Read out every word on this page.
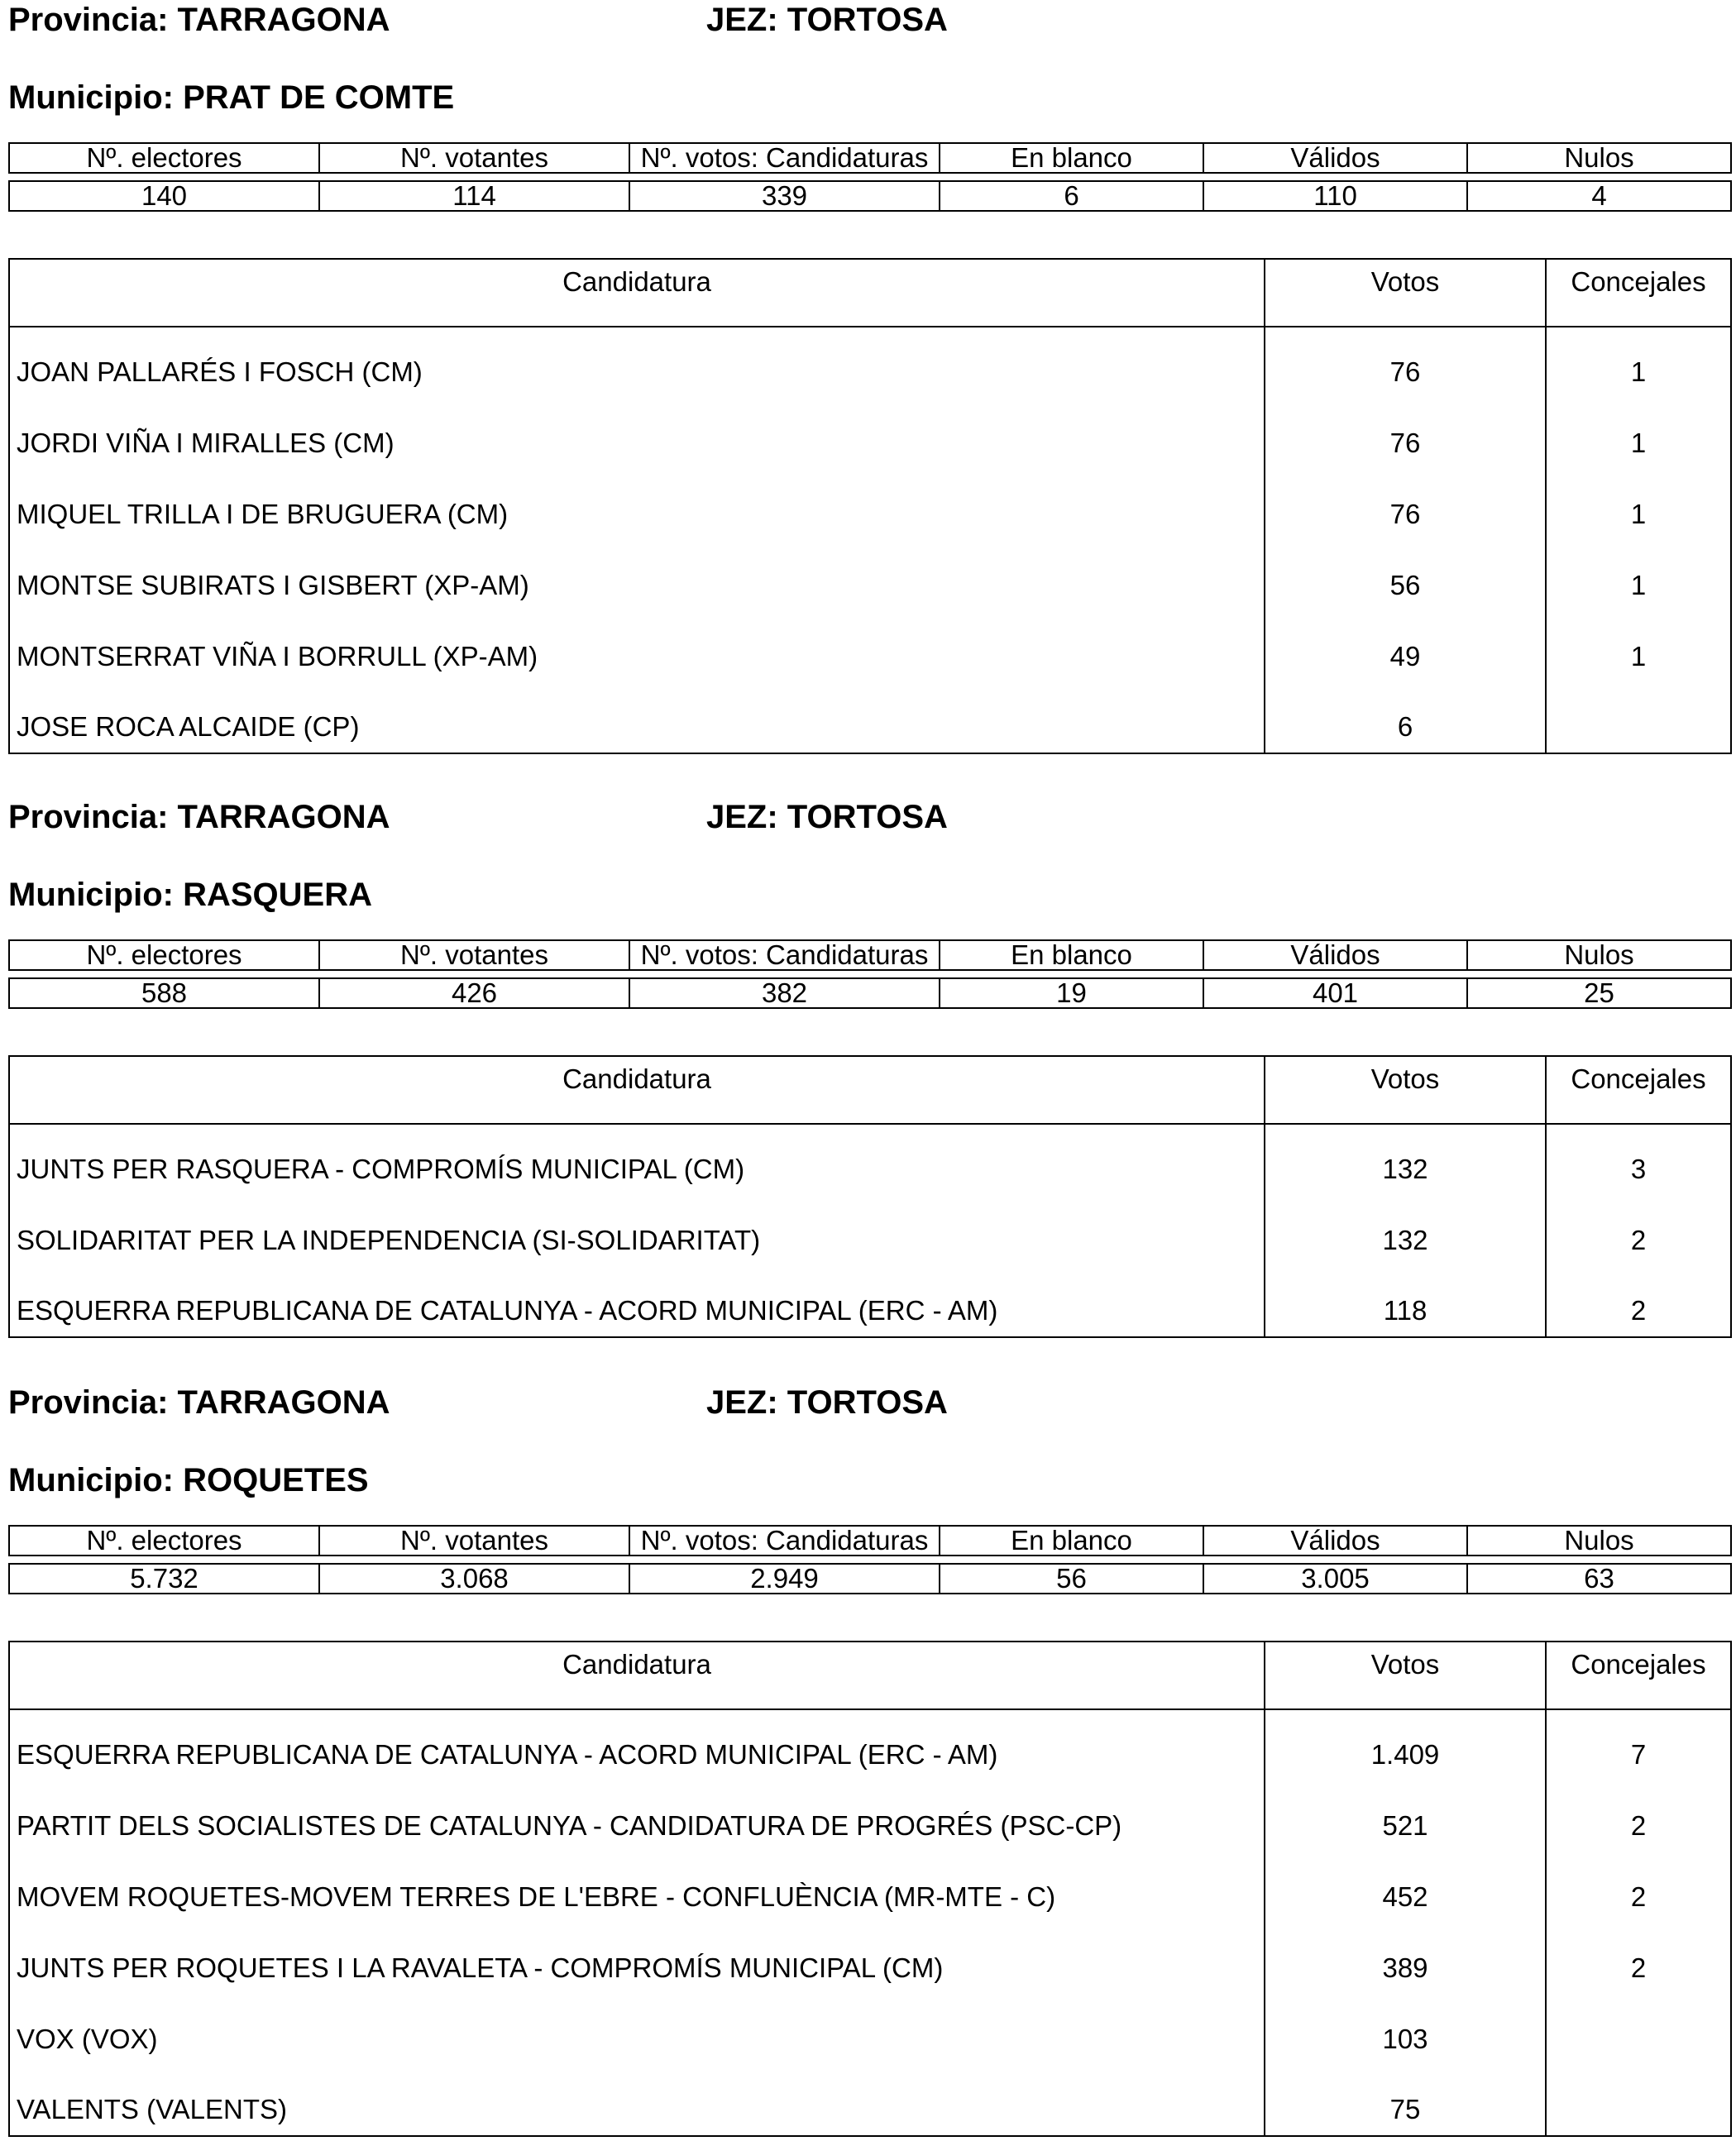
Provincia: TARRAGONA	JEZ: TORTOSA
Municipio: PRAT DE COMTE
Nº. electores	Nº. votantes	Nº. votos: Candidaturas	En blanco	Válidos	Nulos

140	114	339	6	110	4
Candidatura	Votos	Concejales
JOAN PALLARÉS I FOSCH (CM)	76	1
JORDI VIÑA I MIRALLES (CM)	76	1
MIQUEL TRILLA I DE BRUGUERA (CM)	76	1
MONTSE SUBIRATS I GISBERT (XP-AM)	56	1
MONTSERRAT VIÑA I BORRULL (XP-AM)	49	1
JOSE ROCA ALCAIDE (CP)	6	
Provincia: TARRAGONA	JEZ: TORTOSA
Municipio: RASQUERA
Nº. electores	Nº. votantes	Nº. votos: Candidaturas	En blanco	Válidos	Nulos

588	426	382	19	401	25
Candidatura	Votos	Concejales
JUNTS PER RASQUERA - COMPROMÍS MUNICIPAL (CM)	132	3
SOLIDARITAT PER LA INDEPENDENCIA (SI-SOLIDARITAT)	132	2
ESQUERRA REPUBLICANA DE CATALUNYA - ACORD MUNICIPAL (ERC - AM)	118	2
Provincia: TARRAGONA	JEZ: TORTOSA
Municipio: ROQUETES
Nº. electores	Nº. votantes	Nº. votos: Candidaturas	En blanco	Válidos	Nulos

5.732	3.068	2.949	56	3.005	63
Candidatura	Votos	Concejales
ESQUERRA REPUBLICANA DE CATALUNYA - ACORD MUNICIPAL (ERC - AM)	1.409	7
PARTIT DELS SOCIALISTES DE CATALUNYA - CANDIDATURA DE PROGRÉS (PSC-CP)	521	2
MOVEM ROQUETES-MOVEM TERRES DE L'EBRE - CONFLUÈNCIA (MR-MTE - C)	452	2
JUNTS PER ROQUETES I LA RAVALETA - COMPROMÍS MUNICIPAL (CM)	389	2
VOX (VOX)	103	
VALENTS (VALENTS)	75	
